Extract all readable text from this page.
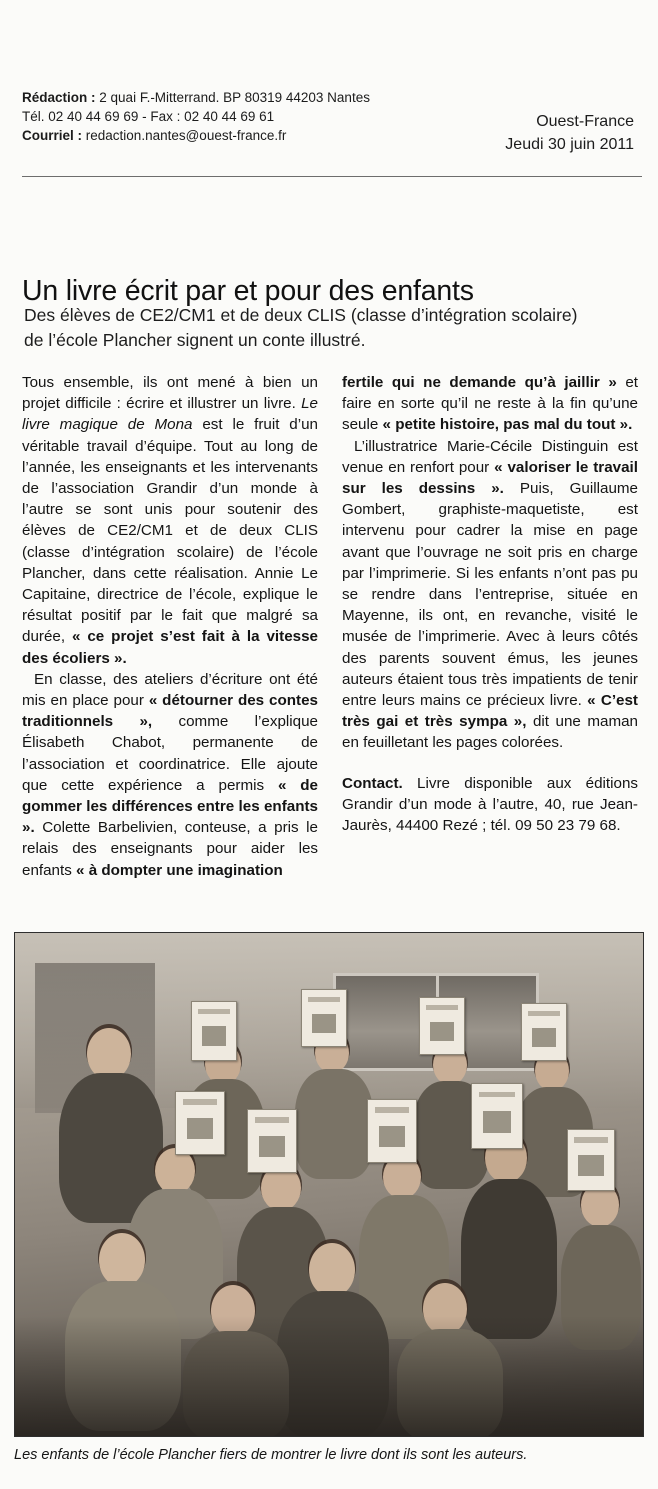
Rédaction : 2 quai F.-Mitterrand. BP 80319 44203 Nantes
Tél. 02 40 44 69 69 - Fax : 02 40 44 69 61
Courriel : redaction.nantes@ouest-france.fr
Ouest-France
Jeudi 30 juin 2011
Un livre écrit par et pour des enfants
Des élèves de CE2/CM1 et de deux CLIS (classe d’intégration scolaire) de l’école Plancher signent un conte illustré.

Tous ensemble, ils ont mené à bien un projet difficile : écrire et illustrer un livre. Le livre magique de Mona est le fruit d’un véritable travail d’équipe. Tout au long de l’année, les enseignants et les intervenants de l’association Grandir d’un monde à l’autre se sont unis pour soutenir des élèves de CE2/CM1 et de deux CLIS (classe d’intégration scolaire) de l’école Plancher, dans cette réalisation. Annie Le Capitaine, directrice de l’école, explique le résultat positif par le fait que malgré sa durée, « ce projet s’est fait à la vitesse des écoliers ».

En classe, des ateliers d’écriture ont été mis en place pour « détourner des contes traditionnels », comme l’explique Élisabeth Chabot, permanente de l’association et coordinatrice. Elle ajoute que cette expérience a permis « de gommer les différences entre les enfants ». Colette Barbelivien, conteuse, a pris le relais des enseignants pour aider les enfants « à dompter une imagination

fertile qui ne demande qu’à jaillir » et faire en sorte qu’il ne reste à la fin qu’une seule « petite histoire, pas mal du tout ».

L’illustratrice Marie-Cécile Distinguin est venue en renfort pour « valoriser le travail sur les dessins ». Puis, Guillaume Gombert, graphiste-maquetiste, est intervenu pour cadrer la mise en page avant que l’ouvrage ne soit pris en charge par l’imprimerie. Si les enfants n’ont pas pu se rendre dans l’entreprise, située en Mayenne, ils ont, en revanche, visité le musée de l’imprimerie. Avec à leurs côtés des parents souvent émus, les jeunes auteurs étaient tous très impatients de tenir entre leurs mains ce précieux livre. « C’est très gai et très sympa », dit une maman en feuilletant les pages colorées.

Contact. Livre disponible aux éditions Grandir d’un mode à l’autre, 40, rue Jean-Jaurès, 44400 Rezé ; tél. 09 50 23 79 68.

Les enfants de l’école Plancher fiers de montrer le livre dont ils sont les auteurs.
